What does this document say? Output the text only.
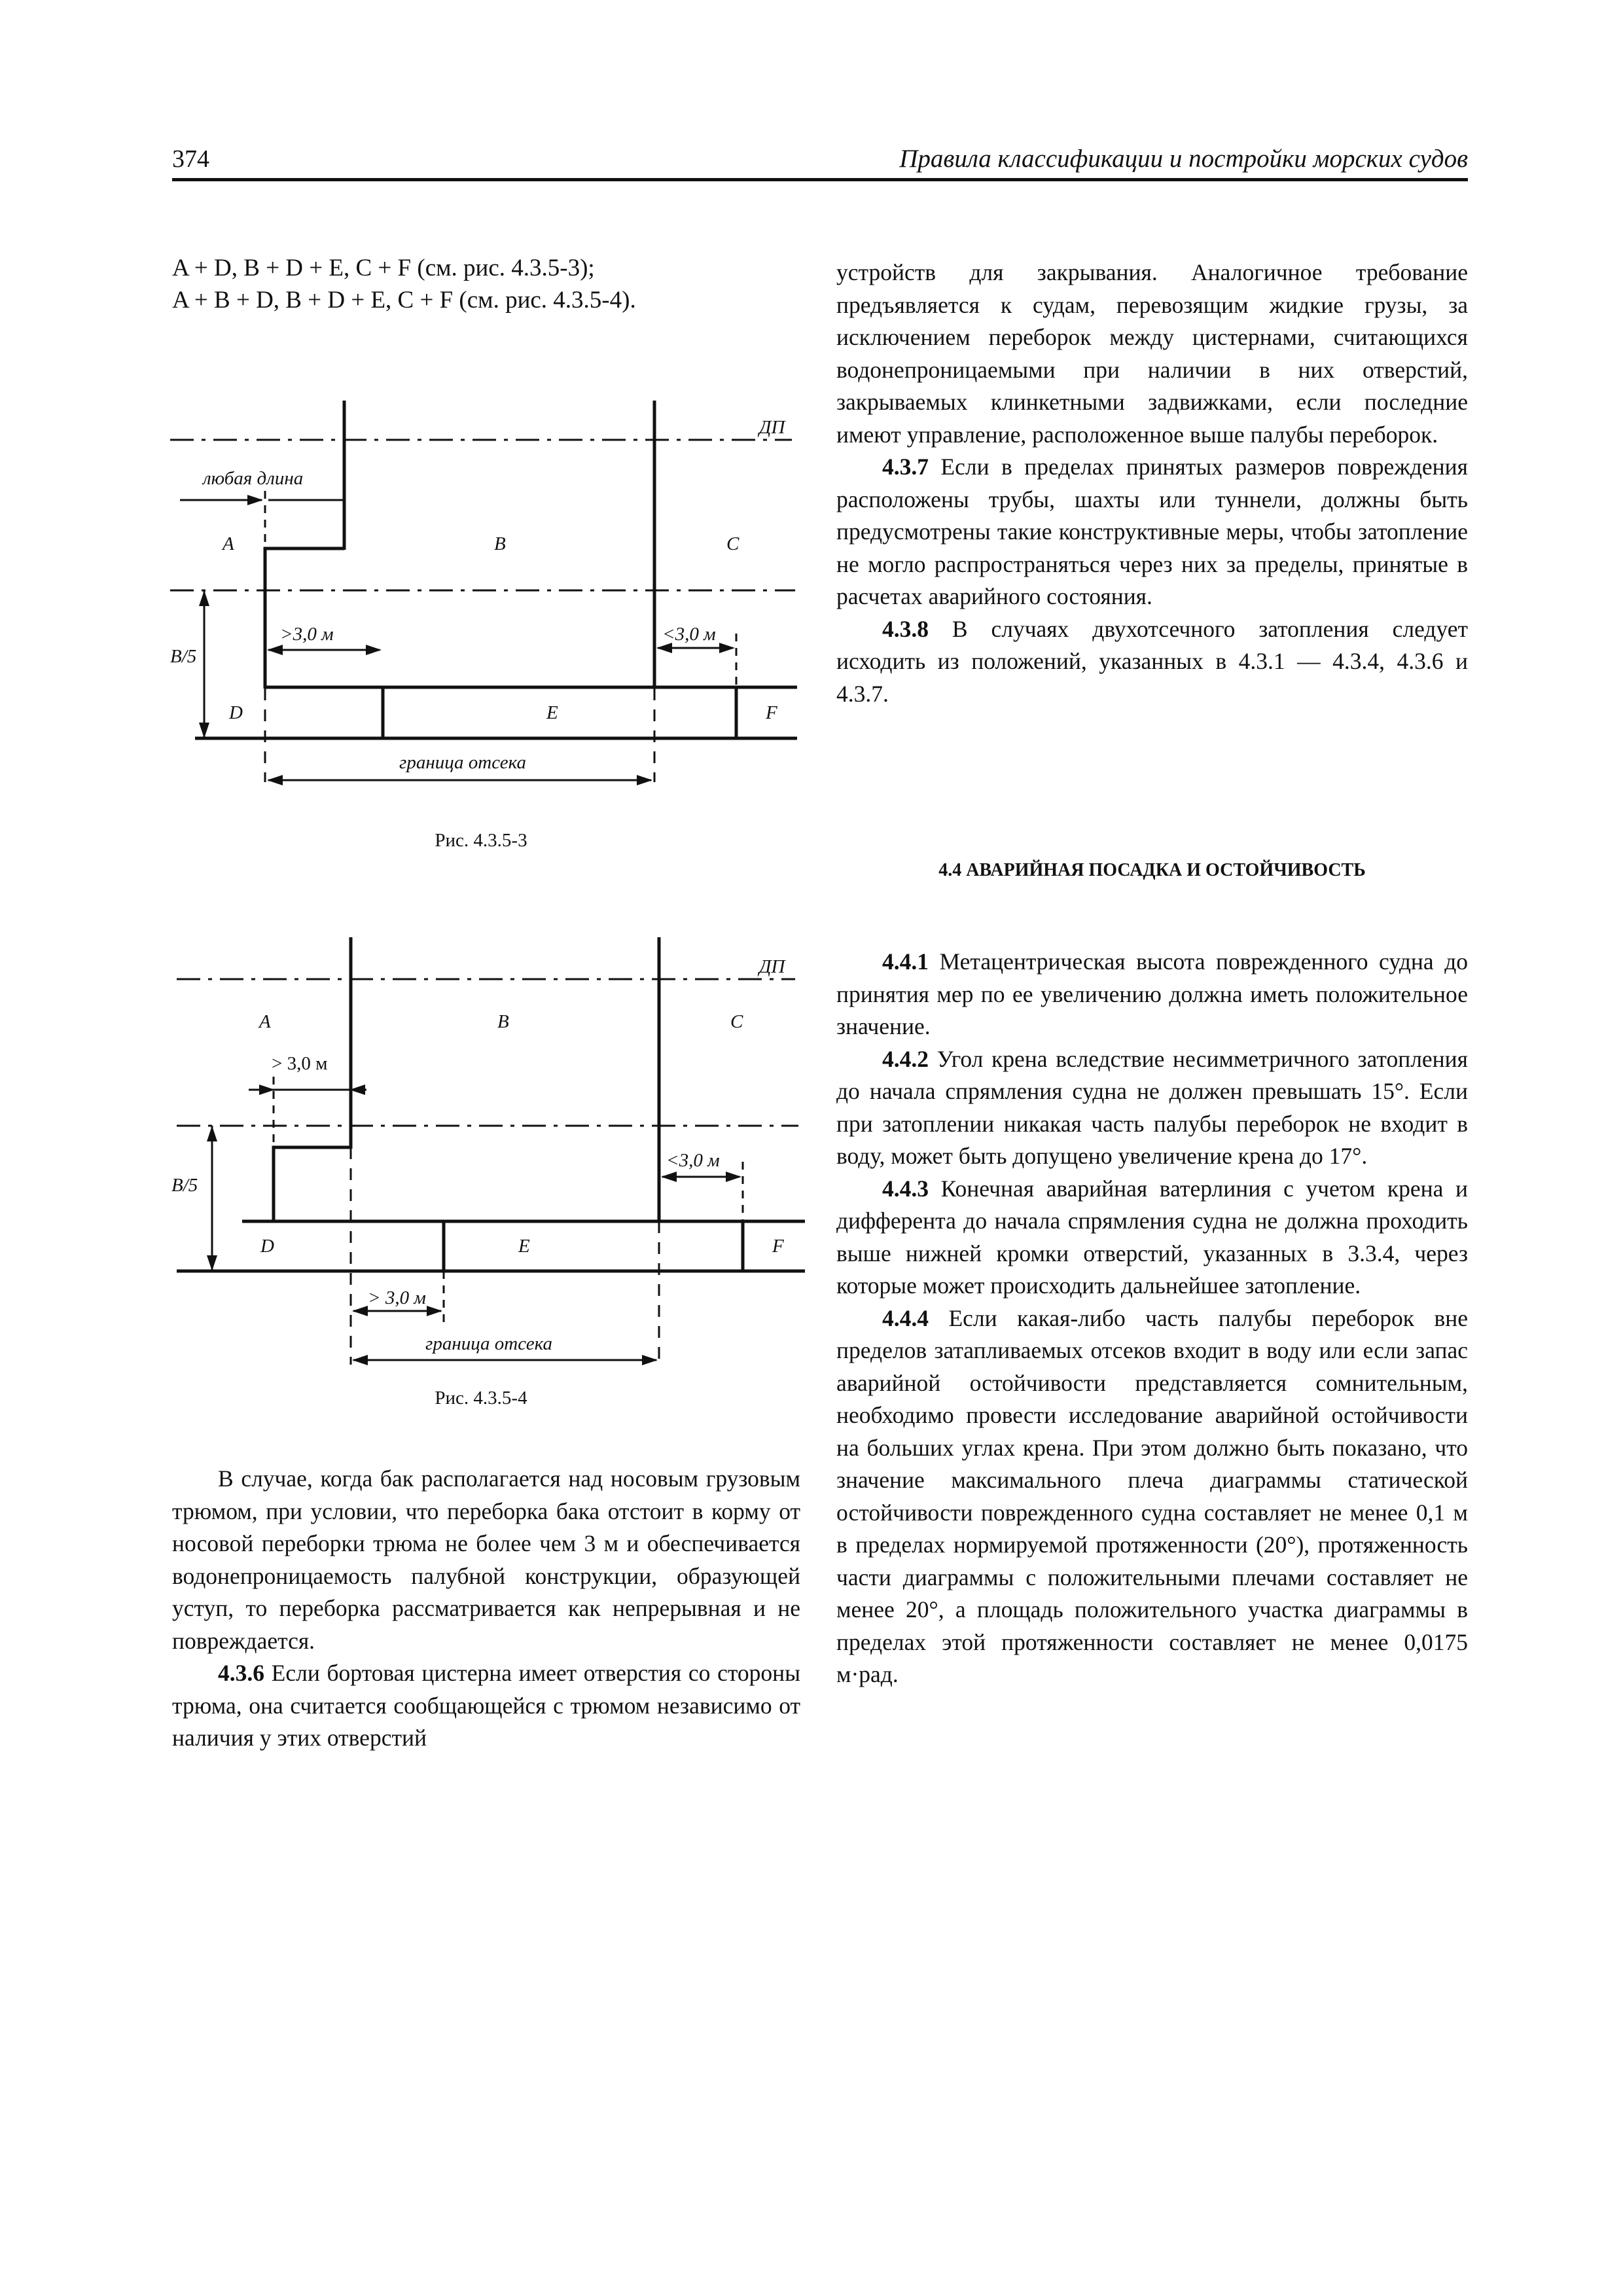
374	Правила классификации и постройки морских судов

A + D, B + D + E, C + F (см. рис. 4.3.5-3);

A + B + D, B + D + E, C + F (см. рис. 4.3.5-4).

ДП
любая длина
A	B	C
B/5
>3,0 м	<3,0 м
D	E	F
граница отсека
Рис. 4.3.5-3
ДП
A	B	C
> 3,0 м
B/5
<3,0 м
D	E	F
> 3,0 м
граница отсека
Рис. 4.3.5-4

В случае, когда бак располагается над носовым грузовым трюмом, при условии, что переборка бака отстоит в корму от носовой переборки трюма не более чем 3 м и обеспечивается водонепроницаемость палубной конструкции, образующей уступ, то переборка рассматривается как непрерывная и не повреждается.

4.3.6 Если бортовая цистерна имеет отверстия со стороны трюма, она считается сообщающейся с трюмом независимо от наличия у этих отверстий

устройств для закрывания. Аналогичное требование предъявляется к судам, перевозящим жидкие грузы, за исключением переборок между цистернами, считающихся водонепроницаемыми при наличии в них отверстий, закрываемых клинкетными задвижками, если последние имеют управление, расположенное выше палубы переборок.

4.3.7 Если в пределах принятых размеров повреждения расположены трубы, шахты или туннели, должны быть предусмотрены такие конструктивные меры, чтобы затопление не могло распространяться через них за пределы, принятые в расчетах аварийного состояния.

4.3.8 В случаях двухотсечного затопления следует исходить из положений, указанных в 4.3.1 — 4.3.4, 4.3.6 и 4.3.7.

4.4 АВАРИЙНАЯ ПОСАДКА И ОСТОЙЧИВОСТЬ

4.4.1 Метацентрическая высота поврежденного судна до принятия мер по ее увеличению должна иметь положительное значение.

4.4.2 Угол крена вследствие несимметричного затопления до начала спрямления судна не должен превышать 15°. Если при затоплении никакая часть палубы переборок не входит в воду, может быть допущено увеличение крена до 17°.

4.4.3 Конечная аварийная ватерлиния с учетом крена и дифферента до начала спрямления судна не должна проходить выше нижней кромки отверстий, указанных в 3.3.4, через которые может происходить дальнейшее затопление.

4.4.4 Если какая-либо часть палубы переборок вне пределов затапливаемых отсеков входит в воду или если запас аварийной остойчивости представляется сомнительным, необходимо провести исследование аварийной остойчивости на больших углах крена. При этом должно быть показано, что значение максимального плеча диаграммы статической остойчивости поврежденного судна составляет не менее 0,1 м в пределах нормируемой протяженности (20°), протяженность части диаграммы с положительными плечами составляет не менее 20°, а площадь положительного участка диаграммы в пределах этой протяженности составляет не менее 0,0175 м·рад.
